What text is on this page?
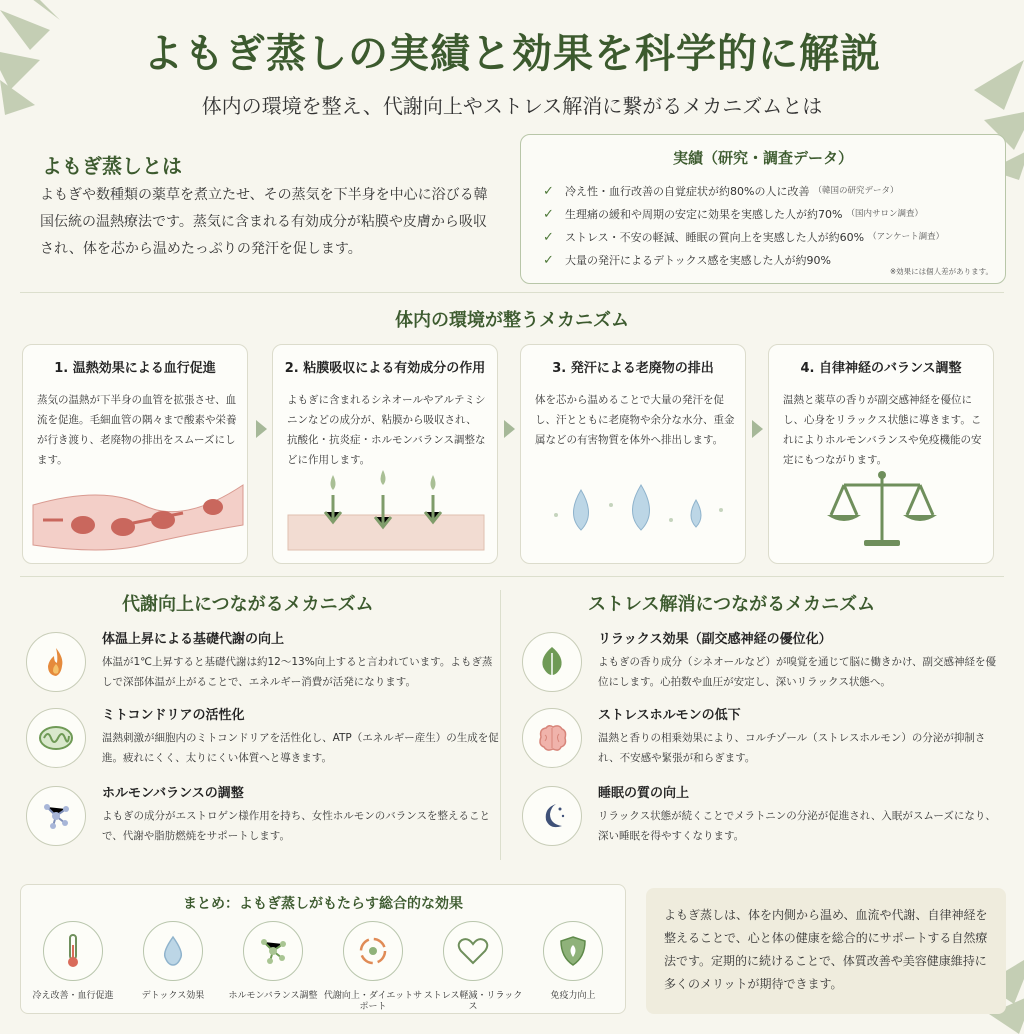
よもぎ蒸しの実績と効果を科学的に解説
体内の環境を整え、代謝向上やストレス解消に繋がるメカニズムとは
よもぎ蒸しとは
よもぎや数種類の薬草を煮立たせ、その蒸気を下半身を中心に浴びる韓国伝統の温熱療法です。蒸気に含まれる有効成分が粘膜や皮膚から吸収され、体を芯から温めたっぷりの発汗を促します。
実績（研究・調査データ）
✓ 冷え性・血行改善の自覚症状が約80%の人に改善 （韓国の研究データ）
✓ 生理痛の緩和や周期の安定に効果を実感した人が約70% （国内サロン調査）
✓ ストレス・不安の軽減、睡眠の質向上を実感した人が約60% （アンケート調査）
✓ 大量の発汗によるデトックス感を実感した人が約90%
※効果には個人差があります。
体内の環境が整うメカニズム
1. 温熱効果による血行促進

蒸気の温熱が下半身の血管を拡張させ、血流を促進。毛細血管の隅々まで酸素や栄養が行き渡り、老廃物の排出をスムーズにします。

2. 粘膜吸収による有効成分の作用

よもぎに含まれるシネオールやアルテミシニンなどの成分が、粘膜から吸収され、抗酸化・抗炎症・ホルモンバランス調整などに作用します。

3. 発汗による老廃物の排出

体を芯から温めることで大量の発汗を促し、汗とともに老廃物や余分な水分、重金属などの有害物質を体外へ排出します。

4. 自律神経のバランス調整

温熱と薬草の香りが副交感神経を優位にし、心身をリラックス状態に導きます。これによりホルモンバランスや免疫機能の安定にもつながります。

代謝向上につながるメカニズム	ストレス解消につながるメカニズム
体温上昇による基礎代謝の向上

体温が1℃上昇すると基礎代謝は約12〜13%向上すると言われています。よもぎ蒸しで深部体温が上がることで、エネルギー消費が活発になります。

ミトコンドリアの活性化

温熱刺激が細胞内のミトコンドリアを活性化し、ATP（エネルギー産生）の生成を促進。疲れにくく、太りにくい体質へと導きます。

ホルモンバランスの調整

よもぎの成分がエストロゲン様作用を持ち、女性ホルモンのバランスを整えることで、代謝や脂肪燃焼をサポートします。

リラックス効果（副交感神経の優位化）

よもぎの香り成分（シネオールなど）が嗅覚を通じて脳に働きかけ、副交感神経を優位にします。心拍数や血圧が安定し、深いリラックス状態へ。

ストレスホルモンの低下

温熱と香りの相乗効果により、コルチゾール（ストレスホルモン）の分泌が抑制され、不安感や緊張が和らぎます。

睡眠の質の向上

リラックス状態が続くことでメラトニンの分泌が促進され、入眠がスムーズになり、深い睡眠を得やすくなります。

まとめ：よもぎ蒸しがもたらす総合的な効果
冷え改善・血行促進	デトックス効果	ホルモンバランス調整 代謝向上・ダイエットサポート
ストレス軽減・リラックス
免疫力向上

よもぎ蒸しは、体を内側から温め、血流や代謝、自律神経を整えることで、心と体の健康を総合的にサポートする自然療法です。定期的に続けることで、体質改善や美容健康維持に多くのメリットが期待できます。
